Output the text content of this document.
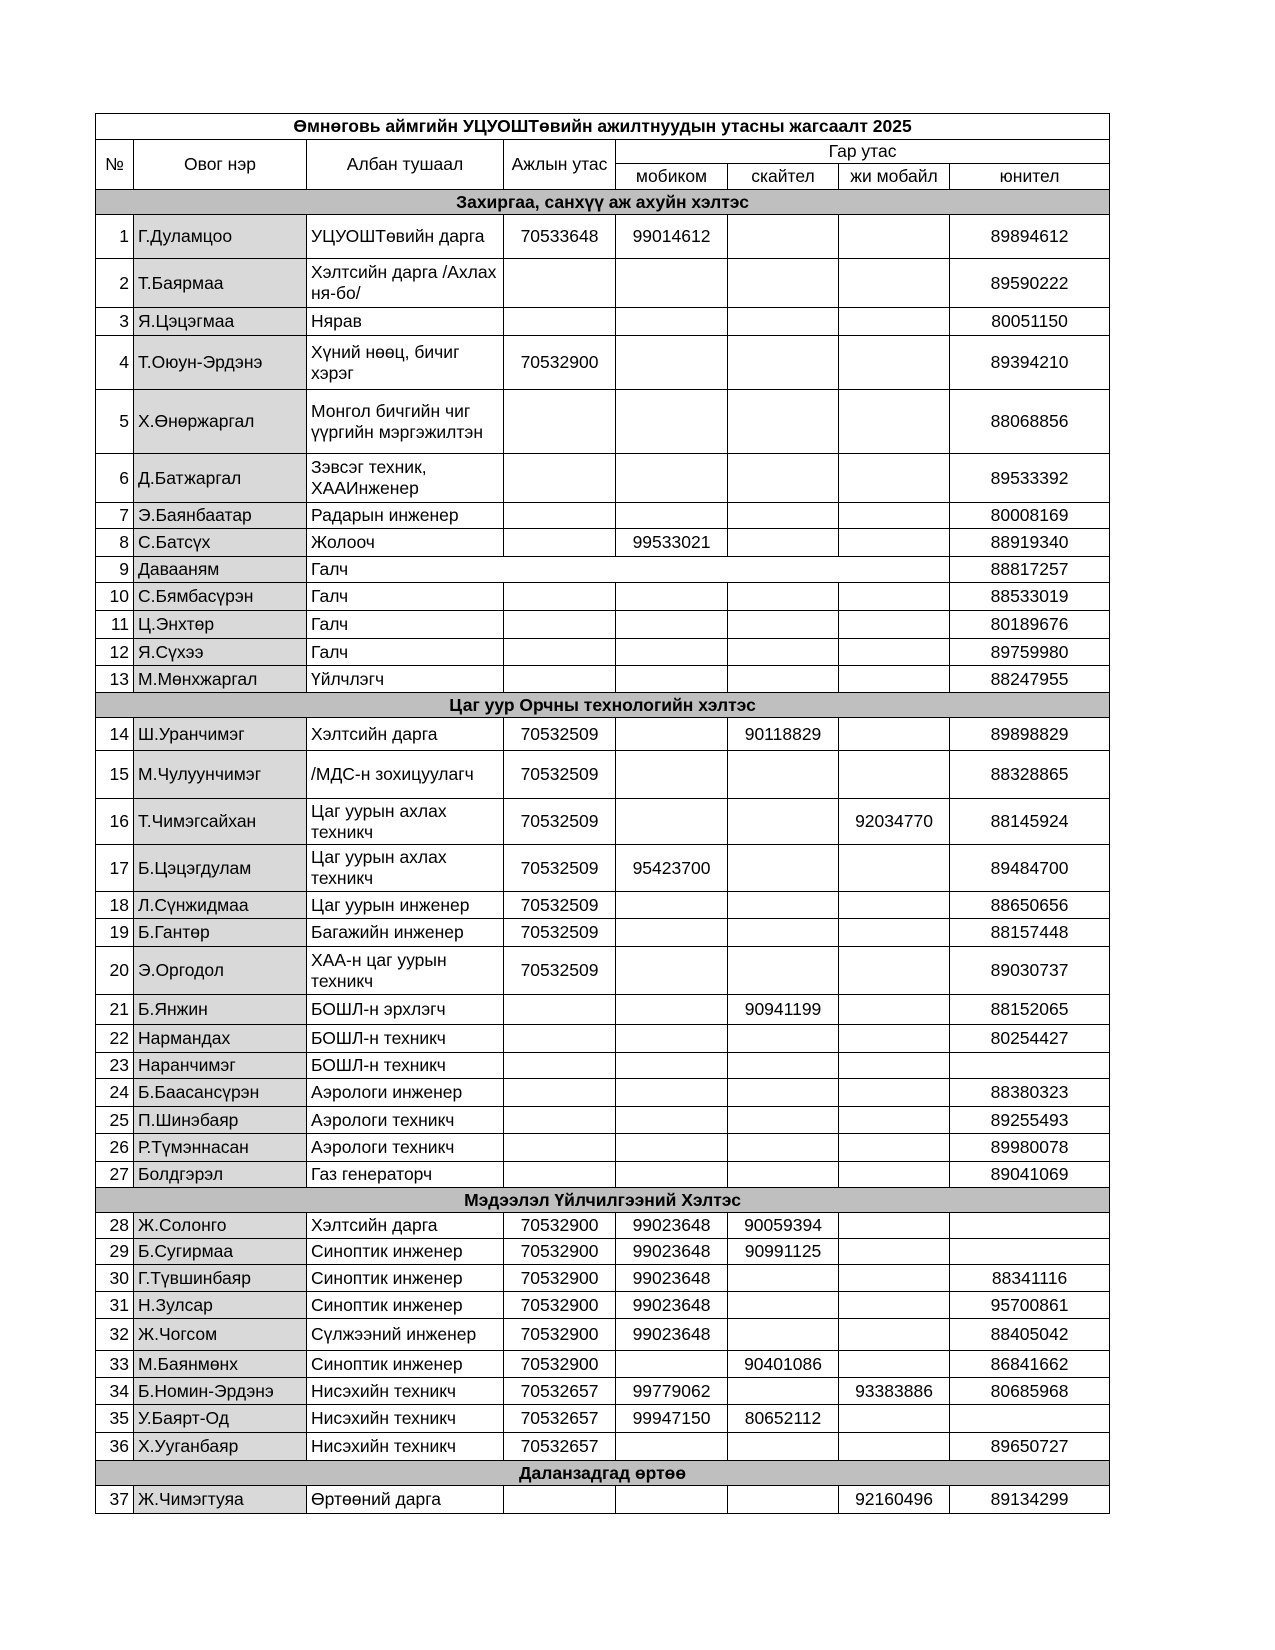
Өмнөговь аймгийн УЦУОШТөвийн ажилтнуудын утасны жагсаалт 2025							
№	Овог нэр	Албан тушаал	Ажлын утас	Гар утас			
				мобиком	скайтел	жи мобайл	юнител
Захиргаа, санхүү аж ахуйн хэлтэс							
1	Г.Дуламцоо	УЦУОШТөвийн дарга	70533648	99014612			89894612
2	Т.Баярмаа	Хэлтсийн дарга /Ахлах ня-бо/					89590222
3	Я.Цэцэгмаа	Нярав					80051150
4	Т.Оюун-Эрдэнэ	Хүний нөөц, бичиг хэрэг	70532900				89394210
5	Х.Өнөржаргал	Монгол бичгийн чиг үүргийн мэргэжилтэн					88068856
6	Д.Батжаргал	Зэвсэг техник, ХААИнженер					89533392
7	Э.Баянбаатар	Радарын инженер					80008169
8	С.Батсүх	Жолооч		99533021			88919340
9	Давааням	Галч					88817257
10	С.Бямбасүрэн	Галч					88533019
11	Ц.Энхтөр	Галч					80189676
12	Я.Сүхээ	Галч					89759980
13	М.Мөнхжаргал	Үйлчлэгч					88247955
Цаг уур Орчны технологийн хэлтэс							
14	Ш.Уранчимэг	Хэлтсийн дарга	70532509		90118829		89898829
15	М.Чулуунчимэг	/МДС-н зохицуулагч	70532509				88328865
16	Т.Чимэгсайхан	Цаг уурын ахлах техникч	70532509			92034770	88145924
17	Б.Цэцэгдулам	Цаг уурын ахлах техникч	70532509	95423700			89484700
18	Л.Сүнжидмаа	Цаг уурын инженер	70532509				88650656
19	Б.Гантөр	Багажийн инженер	70532509				88157448
20	Э.Оргодол	ХАА-н цаг уурын техникч	70532509				89030737
21	Б.Янжин	БОШЛ-н эрхлэгч			90941199		88152065
22	Нармандах	БОШЛ-н техникч					80254427
23	Наранчимэг	БОШЛ-н техникч					
24	Б.Баасансүрэн	Аэрологи инженер					88380323
25	П.Шинэбаяр	Аэрологи техникч					89255493
26	Р.Түмэннасан	Аэрологи техникч					89980078
27	Болдгэрэл	Газ генераторч					89041069
Мэдээлэл Үйлчилгээний Хэлтэс							
28	Ж.Солонго	Хэлтсийн дарга	70532900	99023648	90059394		
29	Б.Сугирмаа	Синоптик инженер	70532900	99023648	90991125		
30	Г.Түвшинбаяр	Синоптик инженер	70532900	99023648			88341116
31	Н.Зулсар	Синоптик инженер	70532900	99023648			95700861
32	Ж.Чогсом	Сүлжээний инженер	70532900	99023648			88405042
33	М.Баянмөнх	Синоптик инженер	70532900		90401086		86841662
34	Б.Номин-Эрдэнэ	Нисэхийн техникч	70532657	99779062		93383886	80685968
35	У.Баярт-Од	Нисэхийн техникч	70532657	99947150	80652112		
36	Х.Ууганбаяр	Нисэхийн техникч	70532657				89650727
Даланзадгад өртөө							
37	Ж.Чимэгтуяа	Өртөөний дарга				92160496	89134299
